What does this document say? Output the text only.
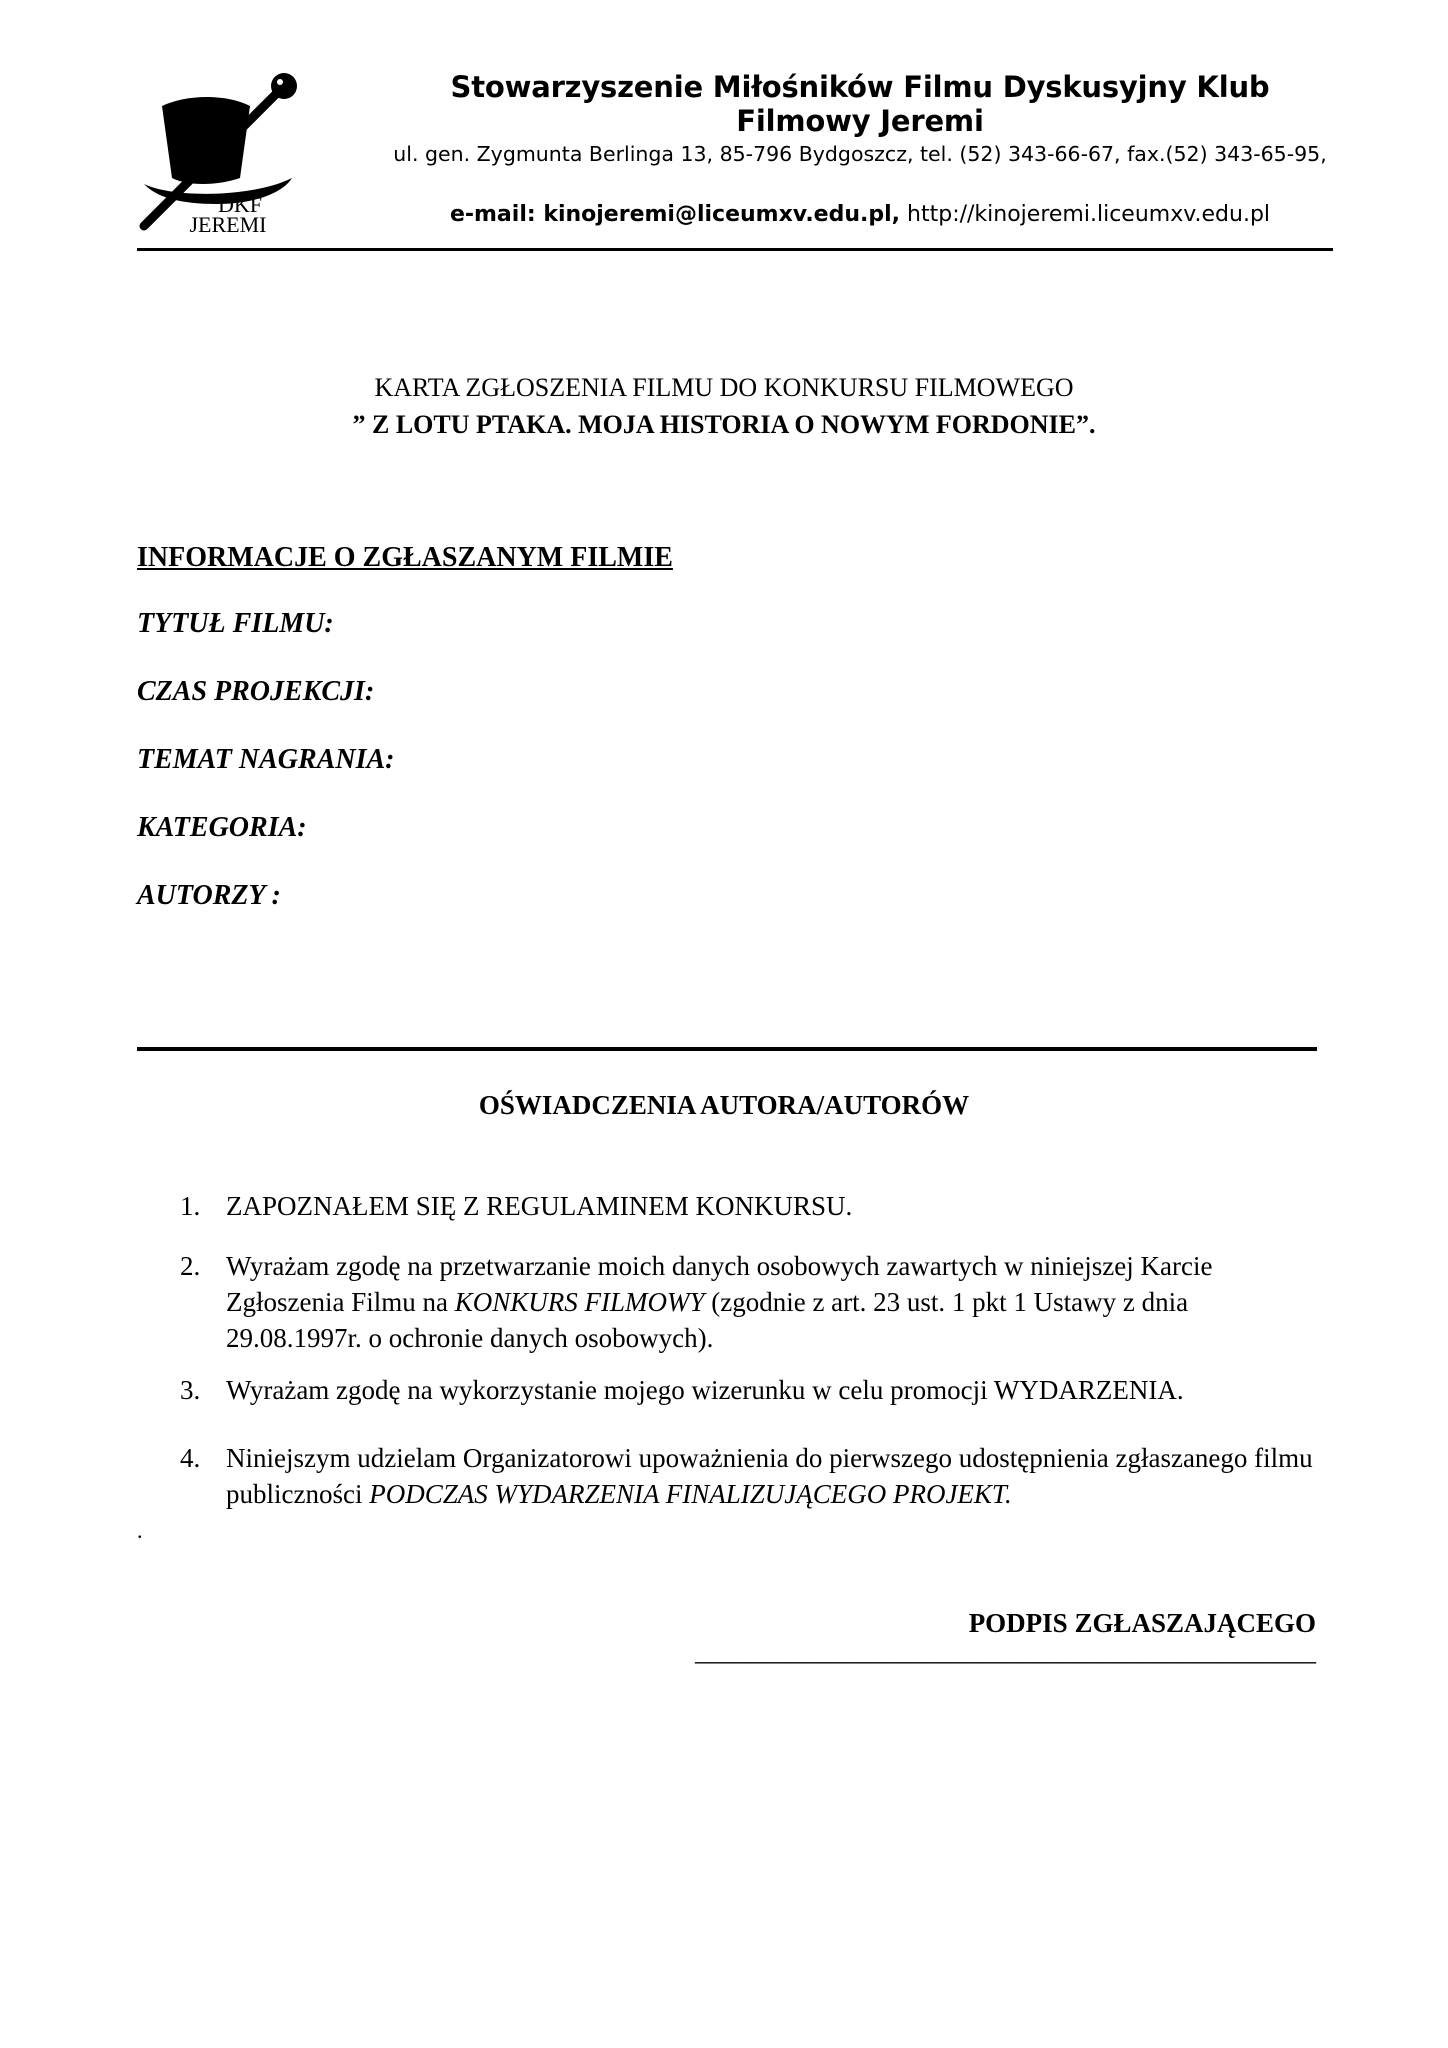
DKF
JEREMI
Stowarzyszenie Miłośników Filmu Dyskusyjny Klub Filmowy Jeremi
ul. gen. Zygmunta Berlinga 13, 85-796 Bydgoszcz, tel. (52) 343-66-67, fax.(52) 343-65-95,
e-mail: kinojeremi@liceumxv.edu.pl, http://kinojeremi.liceumxv.edu.pl
KARTA ZGŁOSZENIA FILMU DO KONKURSU FILMOWEGO
” Z LOTU PTAKA. MOJA HISTORIA O NOWYM FORDONIE”.
INFORMACJE O ZGŁASZANYM FILMIE
TYTUŁ FILMU:
CZAS PROJEKCJI:
TEMAT NAGRANIA:
KATEGORIA:
AUTORZY :
OŚWIADCZENIA AUTORA/AUTORÓW
1. ZAPOZNAŁEM SIĘ Z REGULAMINEM KONKURSU.
2. Wyrażam zgodę na przetwarzanie moich danych osobowych zawartych w niniejszej Karcie Zgłoszenia Filmu na KONKURS FILMOWY (zgodnie z art. 23 ust. 1 pkt 1 Ustawy z dnia 29.08.1997r. o ochronie danych osobowych).
3. Wyrażam zgodę na wykorzystanie mojego wizerunku w celu promocji WYDARZENIA.
4. Niniejszym udzielam Organizatorowi upoważnienia do pierwszego udostępnienia zgłaszanego filmu publiczności PODCZAS WYDARZENIA FINALIZUJĄCEGO PROJEKT.
.
PODPIS ZGŁASZAJĄCEGO
______________________________________________
